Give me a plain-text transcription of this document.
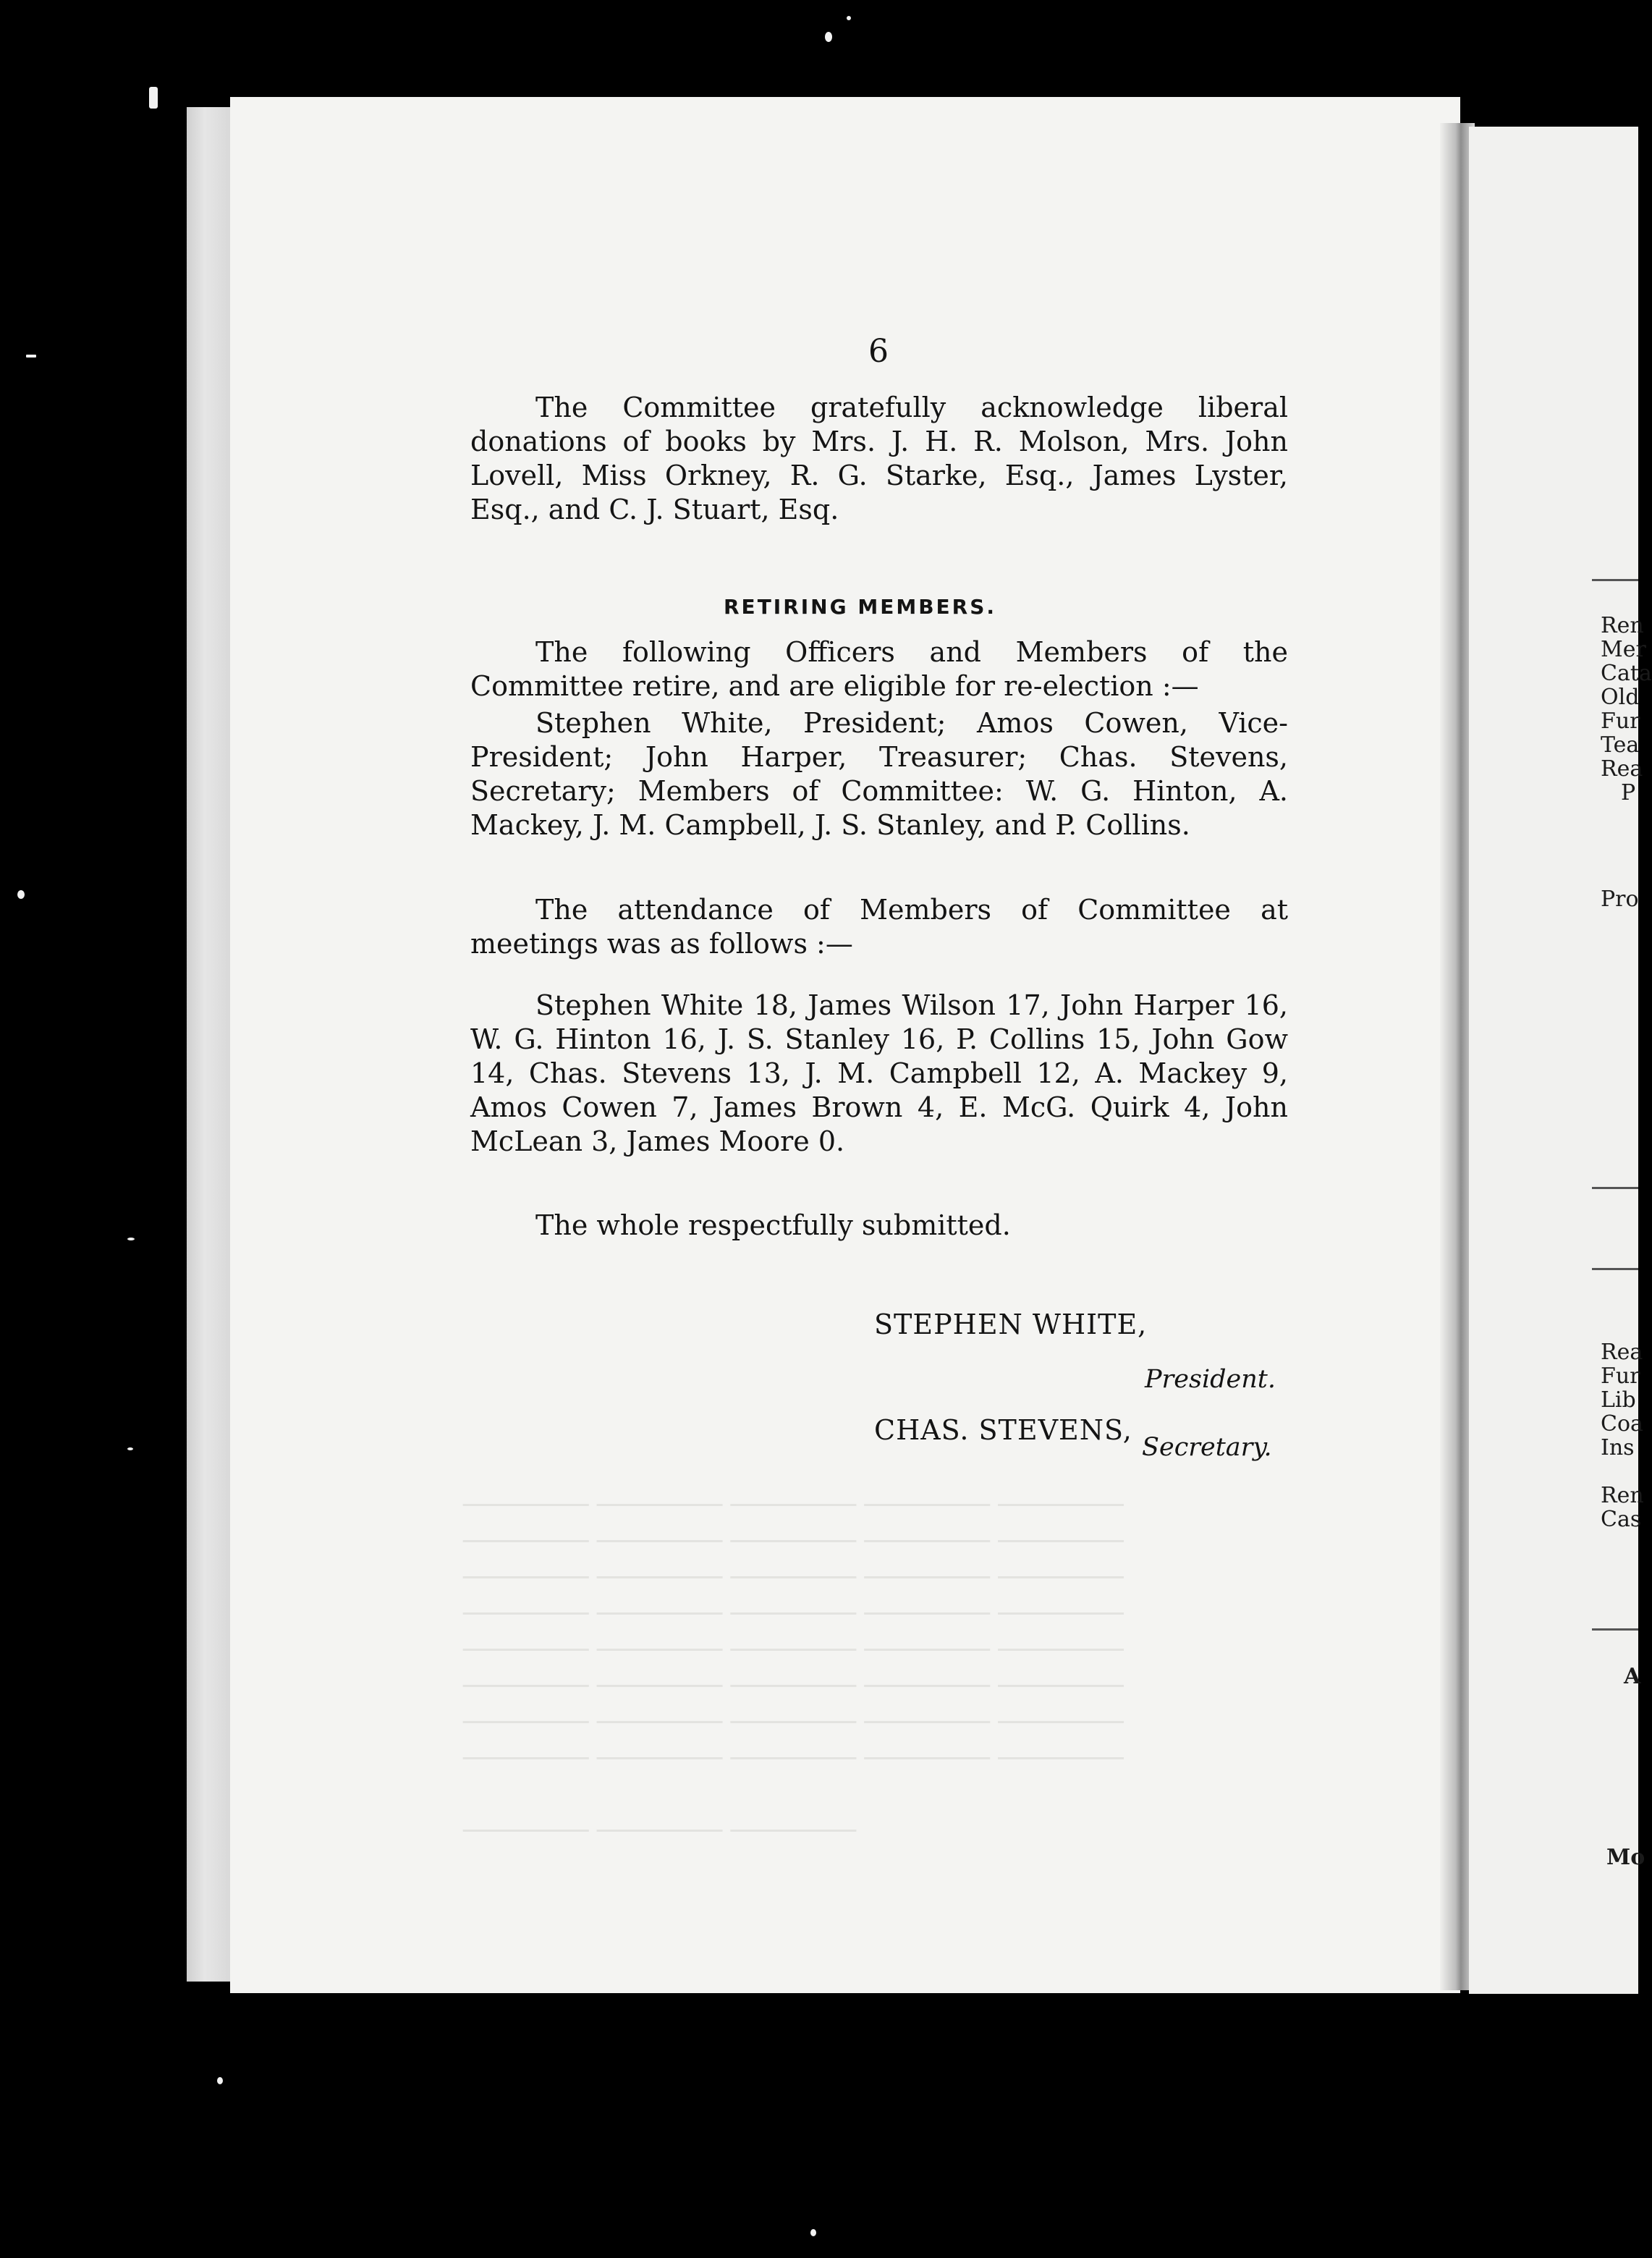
──────── ──────── ──────── ──────── ────────
──────── ──────── ──────── ──────── ────────
──────── ──────── ──────── ──────── ────────
──────── ──────── ──────── ──────── ────────
──────── ──────── ──────── ──────── ────────
──────── ──────── ──────── ──────── ────────
──────── ──────── ──────── ──────── ────────
──────── ──────── ──────── ──────── ────────
──────── ──────── ────────
6
The Committee gratefully acknowledge liberal donations of books by Mrs. J. H. R. Molson, Mrs. John Lovell, Miss Orkney, R. G. Starke, Esq., James Lyster, Esq., and C. J. Stuart, Esq.
RETIRING MEMBERS.
The following Officers and Members of the Committee retire, and are eligible for re-election :—
Stephen White, President; Amos Cowen, Vice-President; John Harper, Treasurer; Chas. Stevens, Secretary; Members of Committee: W. G. Hinton, A. Mackey, J. M. Campbell, J. S. Stanley, and P. Collins.
The attendance of Members of Committee at meetings was as follows :—
Stephen White 18, James Wilson 17, John Harper 16, W. G. Hinton 16, J. S. Stanley 16, P. Collins 15, John Gow 14, Chas. Stevens 13, J. M. Campbell 12, A. Mackey 9, Amos Cowen 7, James Brown 4, E. McG. Quirk 4, John McLean 3, James Moore 0.
The whole respectfully submitted.
STEPHEN WHITE,
President.
CHAS. STEVENS,
Secretary.
Ren
Mer
Cata
Old
Fur
Tea
Rea
P
Pro
Rea
Fur
Lib
Coa
Ins
Ren
Cas
A
Mo
